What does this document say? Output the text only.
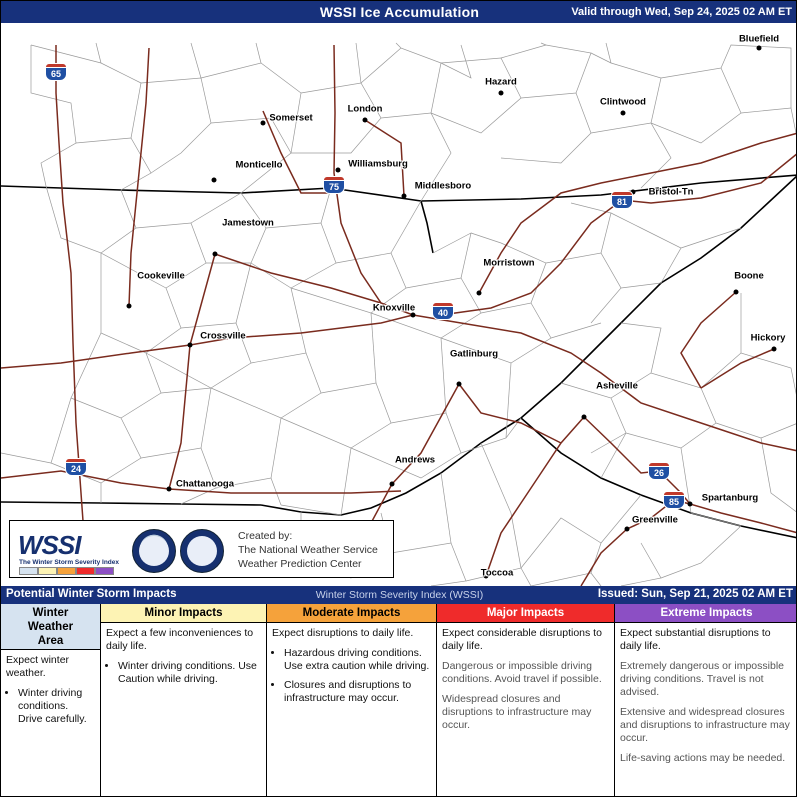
WSSI Ice Accumulation	Valid through Wed, Sep 24, 2025 02 AM ET
Bluefield
Hazard
Clintwood
London
Somerset
Monticello	Williamsburg
Middlesboro
Bristol-Tn
Jamestown
Morristown
Boone
Cookeville
Knoxville
Crossville	Hickory
Gatlinburg
Asheville
Andrews
Chattanooga
Spartanburg
Greenville
Toccoa
65
75
81
40
24	26
85
WSSI
The Winter Storm Severity Index
Created by:
The National Weather Service
Weather Prediction Center
Potential Winter Storm Impacts	Winter Storm Severity Index (WSSI)	Issued: Sun, Sep 21, 2025 02 AM ET
Winter
Weather
Area

Expect winter weather.

• Winter driving conditions. Drive carefully.
Minor Impacts

Expect a few inconveniences to daily life.

• Winter driving conditions. Use Caution while driving.
Moderate Impacts

Expect disruptions to daily life.

• Hazardous driving conditions. Use extra caution while driving.
• Closures and disruptions to infrastructure may occur.
Major Impacts

Expect considerable disruptions to daily life.

Dangerous or impossible driving conditions. Avoid travel if possible.

Widespread closures and disruptions to infrastructure may occur.

Extreme Impacts

Expect substantial disruptions to daily life.

Extremely dangerous or impossible driving conditions. Travel is not advised.

Extensive and widespread closures and disruptions to infrastructure may occur.

Life-saving actions may be needed.
